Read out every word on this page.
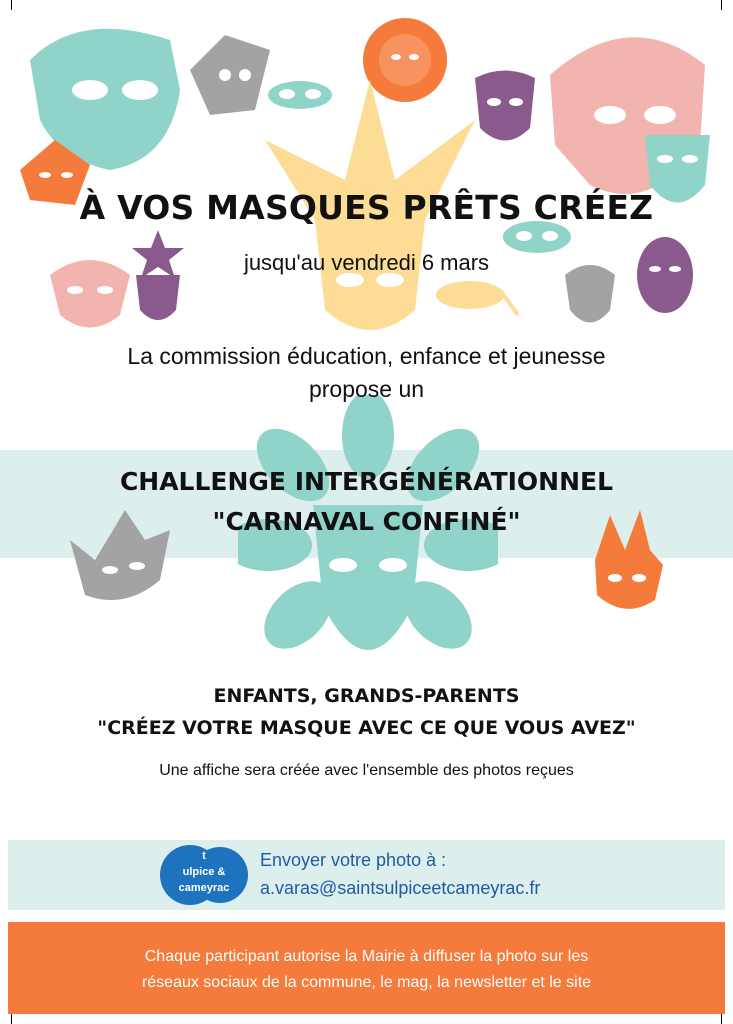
À VOS MASQUES PRÊTS CRÉEZ
jusqu'au vendredi 6 mars
La commission éducation, enfance et jeunesse
propose un
CHALLENGE INTERGÉNÉRATIONNEL
"CARNAVAL CONFINÉ"
ENFANTS, GRANDS-PARENTS
"CRÉEZ VOTRE MASQUE AVEC CE QUE VOUS AVEZ"
Une affiche sera créée avec l'ensemble des photos reçues
t
ulpice &
cameyrac
Envoyer votre photo à :
a.varas@saintsulpiceetcameyrac.fr
Chaque participant autorise la Mairie à diffuser la photo sur les
réseaux sociaux de la commune, le mag, la newsletter et le site
